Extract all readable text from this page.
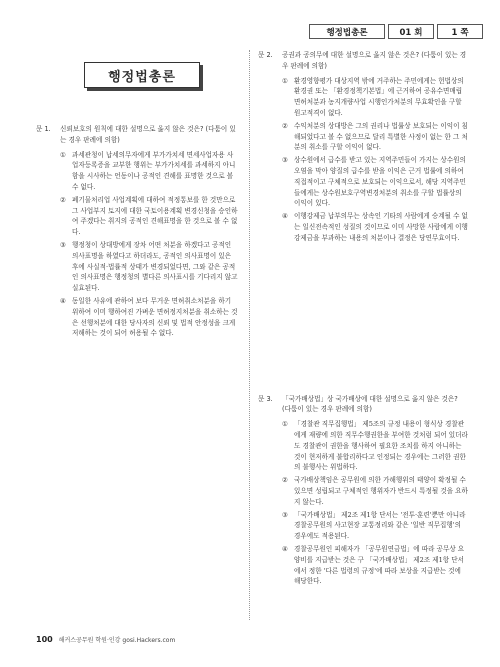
행정법총론	01 회	1 쪽
행정법총론
문 1. 신뢰보호의 원칙에 대한 설명으로 옳지 않은 것은? (다툼이 있는 경우 판례에 의함)
① 과세관청이 납세의무자에게 부가가치세 면세사업자용 사업자등록증을 교부한 행위는 부가가치세를 과세하지 아니함을 시사하는 언동이나 공적인 견해를 표명한 것으로 볼 수 없다.
② 폐기물처리업 사업계획에 대하여 적정통보를 한 것만으로 그 사업부지 토지에 대한 국토이용계획 변경신청을 승인하여 주겠다는 취지의 공적인 견해표명을 한 것으로 볼 수 없다.
③ 행정청이 상대방에게 장차 어떤 처분을 하겠다고 공적인 의사표명을 하였다고 하더라도, 공적인 의사표명이 있은 후에 사실적·법률적 상태가 변경되었다면, 그와 같은 공적인 의사표명은 행정청의 별다른 의사표시를 기다리지 않고 실효된다.
④ 동일한 사유에 관하여 보다 무거운 면허취소처분을 하기 위하여 이미 행하여진 가벼운 면허정지처분을 취소하는 것은 선행처분에 대한 당사자의 신뢰 및 법적 안정성을 크게 저해하는 것이 되어 허용될 수 없다.
문 2. 공권과 공의무에 대한 설명으로 옳지 않은 것은? (다툼이 있는 경우 판례에 의함)
① 환경영향평가 대상지역 밖에 거주하는 주민에게는 헌법상의 환경권 또는 「환경정책기본법」에 근거하여 공유수면매립면허처분과 농지개량사업 시행인가처분의 무효확인을 구할 원고적격이 없다.
② 수익처분의 상대방은 그의 권리나 법률상 보호되는 이익이 침해되었다고 볼 수 없으므로 달리 특별한 사정이 없는 한 그 처분의 취소를 구할 이익이 없다.
③ 상수원에서 급수를 받고 있는 지역주민들이 가지는 상수원의 오염을 막아 양질의 급수를 받을 이익은 근거 법률에 의하여 직접적이고 구체적으로 보호되는 이익으로서, 해당 지역주민들에게는 상수원보호구역변경처분의 취소를 구할 법률상의 이익이 있다.
④ 이행강제금 납부의무는 상속인 기타의 사람에게 승계될 수 없는 일신전속적인 성질의 것이므로 이미 사망한 사람에게 이행강제금을 부과하는 내용의 처분이나 결정은 당연무효이다.
문 3. 「국가배상법」상 국가배상에 대한 설명으로 옳지 않은 것은? (다툼이 있는 경우 판례에 의함)
① 「경찰관 직무집행법」 제5조의 규정 내용이 형식상 경찰관에게 재량에 의한 직무수행권한을 부여한 것처럼 되어 있더라도 경찰관이 권한을 행사하여 필요한 조치를 하지 아니하는 것이 현저하게 불합리하다고 인정되는 경우에는 그러한 권한의 불행사는 위법하다.
② 국가배상책임은 공무원에 의한 가해행위의 태양이 확정될 수 있으면 성립되고 구체적인 행위자가 반드시 특정될 것을 요하지 않는다.
③ 「국가배상법」 제2조 제1항 단서는 '전투·훈련'뿐만 아니라 경찰공무원의 사고현장 교통정리와 같은 '일반 직무집행'의 경우에도 적용된다.
④ 경찰공무원인 피해자가 「공무원연금법」에 따라 공무상 요양비를 지급받는 것은 구 「국가배상법」 제2조 제1항 단서에서 정한 '다른 법령의 규정'에 따라 보상을 지급받는 것에 해당한다.
100 해커스공무원 학원·인강 gosi.Hackers.com
